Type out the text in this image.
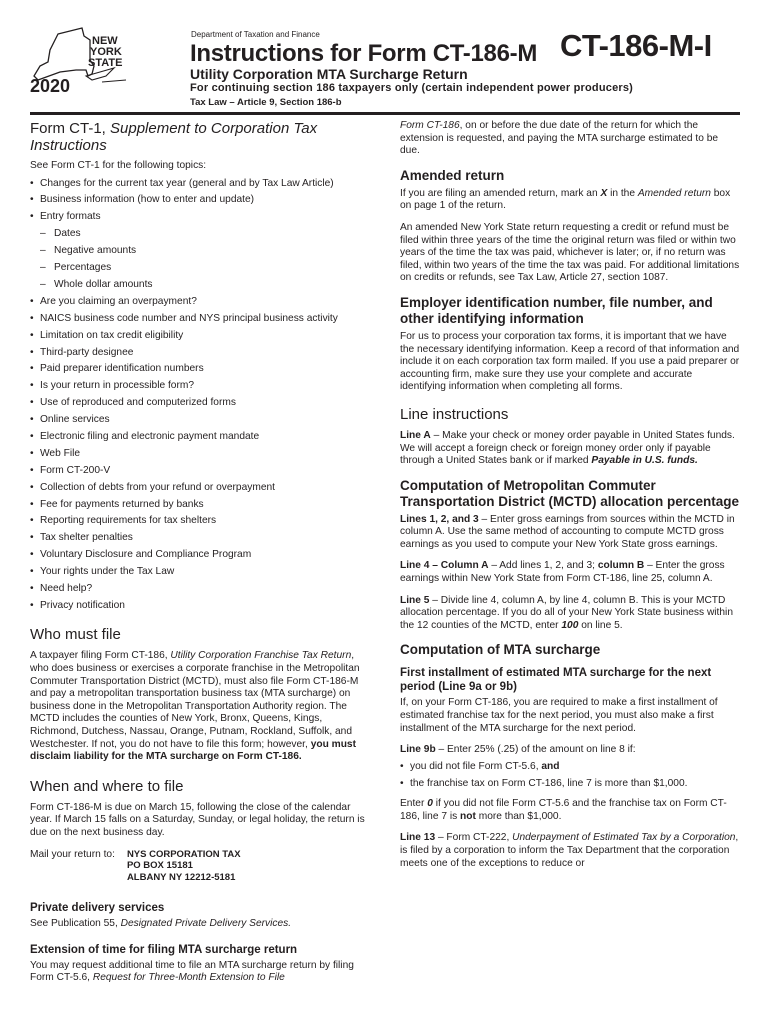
NEW
YORK
STATE
2020
Department of Taxation and Finance
Instructions for Form CT-186-M CT-186-M-I
Utility Corporation MTA Surcharge Return
For continuing section 186 taxpayers only (certain independent power producers)
Tax Law – Article 9, Section 186-b
Form CT-1, Supplement to Corporation Tax Instructions

See Form CT-1 for the following topics:

• Changes for the current tax year (general and by Tax Law Article)
• Business information (how to enter and update)
• Entry formats
– Dates
– Negative amounts
– Percentages
– Whole dollar amounts
• Are you claiming an overpayment?
• NAICS business code number and NYS principal business activity
• Limitation on tax credit eligibility
• Third-party designee
• Paid preparer identification numbers
• Is your return in processible form?
• Use of reproduced and computerized forms
• Online services
• Electronic filing and electronic payment mandate
• Web File
• Form CT-200-V
• Collection of debts from your refund or overpayment
• Fee for payments returned by banks
• Reporting requirements for tax shelters
• Tax shelter penalties
• Voluntary Disclosure and Compliance Program
• Your rights under the Tax Law
• Need help?
• Privacy notification
Who must file

A taxpayer filing Form CT-186, Utility Corporation Franchise Tax Return, who does business or exercises a corporate franchise in the Metropolitan Commuter Transportation District (MCTD), must also file Form CT-186-M and pay a metropolitan transportation business tax (MTA surcharge) on business done in the Metropolitan Transportation Authority region. The MCTD includes the counties of New York, Bronx, Queens, Kings, Richmond, Dutchess, Nassau, Orange, Putnam, Rockland, Suffolk, and Westchester. If not, you do not have to file this form; however, you must disclaim liability for the MTA surcharge on Form CT-186.

When and where to file

Form CT-186-M is due on March 15, following the close of the calendar year. If March 15 falls on a Saturday, Sunday, or legal holiday, the return is due on the next business day.

Mail your return to: NYS CORPORATION TAX
PO BOX 15181
ALBANY NY 12212-5181
Private delivery services

See Publication 55, Designated Private Delivery Services.

Extension of time for filing MTA surcharge return

You may request additional time to file an MTA surcharge return by filing Form CT-5.6, Request for Three-Month Extension to File

Form CT-186, on or before the due date of the return for which the extension is requested, and paying the MTA surcharge estimated to be due.

Amended return

If you are filing an amended return, mark an X in the Amended return box on page 1 of the return.

An amended New York State return requesting a credit or refund must be filed within three years of the time the original return was filed or within two years of the time the tax was paid, whichever is later; or, if no return was filed, within two years of the time the tax was paid. For additional limitations on credits or refunds, see Tax Law, Article 27, section 1087.

Employer identification number, file number, and other identifying information

For us to process your corporation tax forms, it is important that we have the necessary identifying information. Keep a record of that information and include it on each corporation tax form mailed. If you use a paid preparer or accounting firm, make sure they use your complete and accurate identifying information when completing all forms.

Line instructions

Line A – Make your check or money order payable in United States funds. We will accept a foreign check or foreign money order only if payable through a United States bank or if marked Payable in U.S. funds.

Computation of Metropolitan Commuter Transportation District (MCTD) allocation percentage

Lines 1, 2, and 3 – Enter gross earnings from sources within the MCTD in column A. Use the same method of accounting to compute MCTD gross earnings as you used to compute your New York State gross earnings.

Line 4 – Column A – Add lines 1, 2, and 3; column B – Enter the gross earnings within New York State from Form CT-186, line 25, column A.

Line 5 – Divide line 4, column A, by line 4, column B. This is your MCTD allocation percentage. If you do all of your New York State business within the 12 counties of the MCTD, enter 100 on line 5.

Computation of MTA surcharge
First installment of estimated MTA surcharge for the next period (Line 9a or 9b)

If, on your Form CT-186, you are required to make a first installment of estimated franchise tax for the next period, you must also make a first installment of the MTA surcharge for the next period.

Line 9b – Enter 25% (.25) of the amount on line 8 if:

• you did not file Form CT-5.6, and
• the franchise tax on Form CT-186, line 7 is more than $1,000.

Enter 0 if you did not file Form CT-5.6 and the franchise tax on Form CT-186, line 7 is not more than $1,000.

Line 13 – Form CT-222, Underpayment of Estimated Tax by a Corporation, is filed by a corporation to inform the Tax Department that the corporation meets one of the exceptions to reduce or
